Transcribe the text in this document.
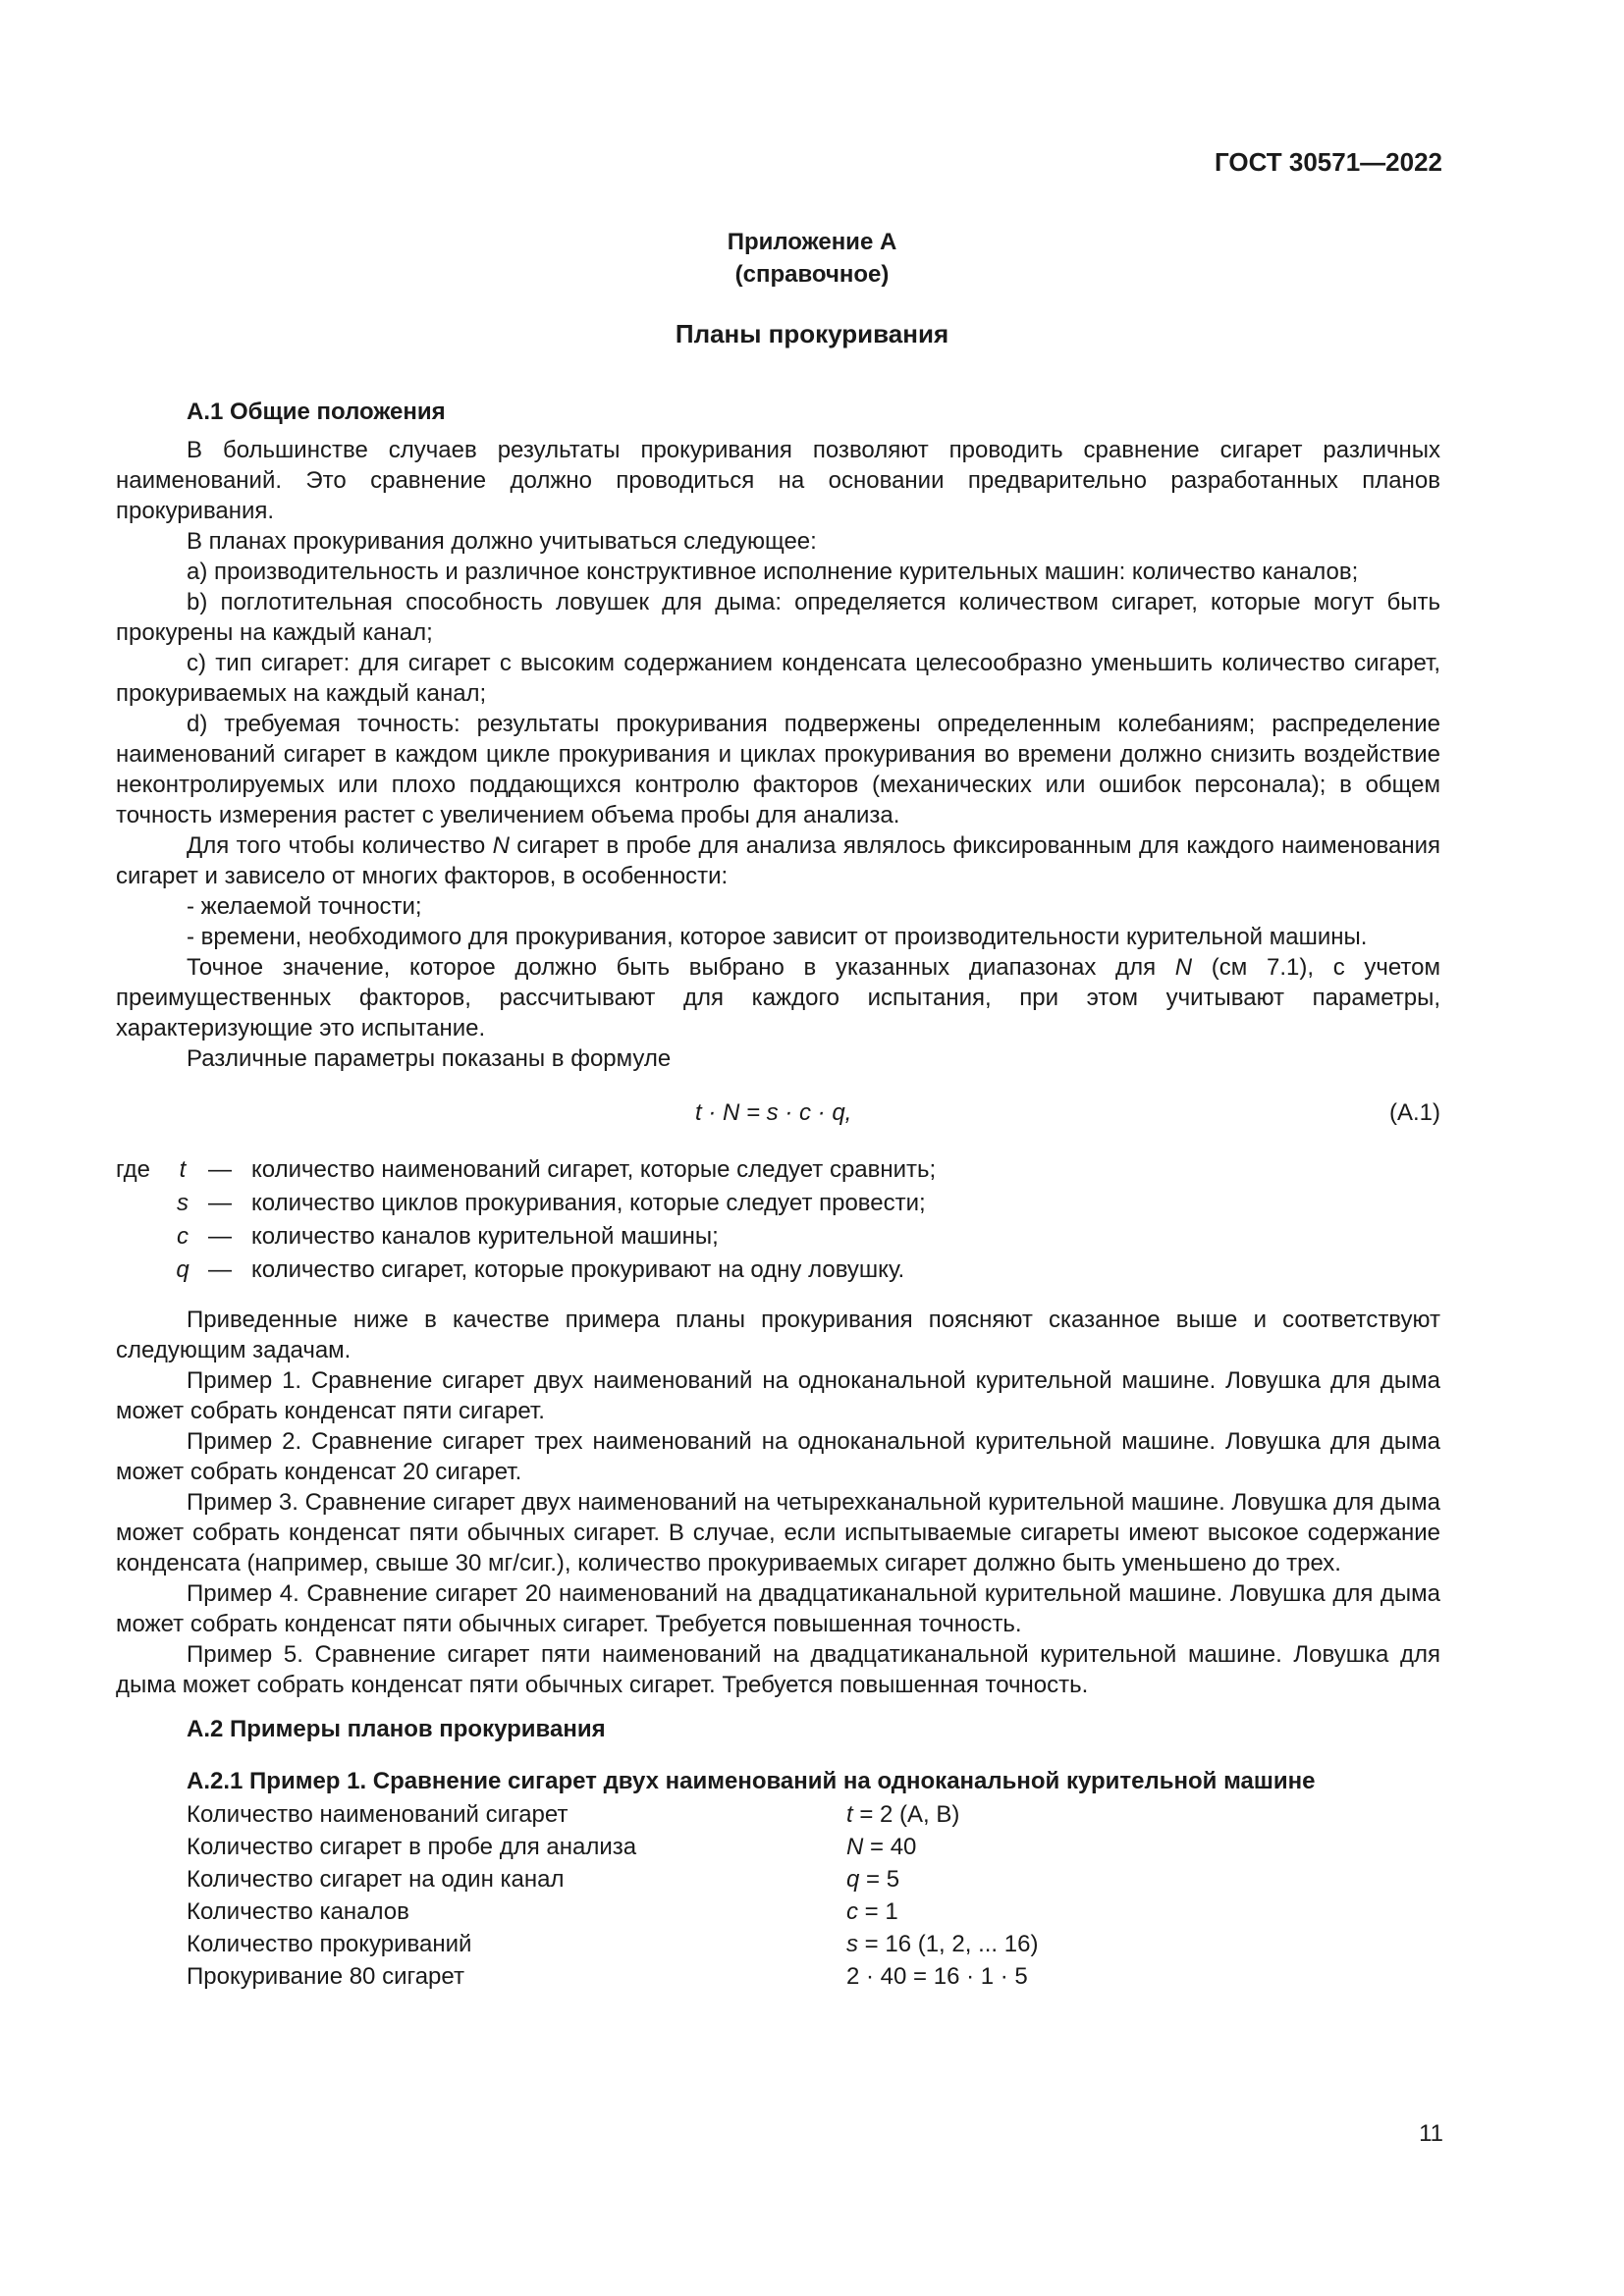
ГОСТ 30571—2022
Приложение А
(справочное)
Планы прокуривания
А.1 Общие положения

В большинстве случаев результаты прокуривания позволяют проводить сравнение сигарет различных наименований. Это сравнение должно проводиться на основании предварительно разработанных планов прокуривания.

В планах прокуривания должно учитываться следующее:

a) производительность и различное конструктивное исполнение курительных машин: количество каналов;

b) поглотительная способность ловушек для дыма: определяется количеством сигарет, которые могут быть прокурены на каждый канал;

c) тип сигарет: для сигарет с высоким содержанием конденсата целесообразно уменьшить количество сигарет, прокуриваемых на каждый канал;

d) требуемая точность: результаты прокуривания подвержены определенным колебаниям; распределение наименований сигарет в каждом цикле прокуривания и циклах прокуривания во времени должно снизить воздействие неконтролируемых или плохо поддающихся контролю факторов (механических или ошибок персонала); в общем точность измерения растет с увеличением объема пробы для анализа.

Для того чтобы количество N сигарет в пробе для анализа являлось фиксированным для каждого наименования сигарет и зависело от многих факторов, в особенности:

- желаемой точности;

- времени, необходимого для прокуривания, которое зависит от производительности курительной машины.

Точное значение, которое должно быть выбрано в указанных диапазонах для N (см 7.1), с учетом преимущественных факторов, рассчитывают для каждого испытания, при этом учитывают параметры, характеризующие это испытание.

Различные параметры показаны в формуле

t · N = s · c · q,	(A.1)
где	t — количество наименований сигарет, которые следует сравнить;
s — количество циклов прокуривания, которые следует провести;
c — количество каналов курительной машины;
q — количество сигарет, которые прокуривают на одну ловушку.

Приведенные ниже в качестве примера планы прокуривания поясняют сказанное выше и соответствуют следующим задачам.

Пример 1. Сравнение сигарет двух наименований на одноканальной курительной машине. Ловушка для дыма может собрать конденсат пяти сигарет.

Пример 2. Сравнение сигарет трех наименований на одноканальной курительной машине. Ловушка для дыма может собрать конденсат 20 сигарет.

Пример 3. Сравнение сигарет двух наименований на четырехканальной курительной машине. Ловушка для дыма может собрать конденсат пяти обычных сигарет. В случае, если испытываемые сигареты имеют высокое содержание конденсата (например, свыше 30 мг/сиг.), количество прокуриваемых сигарет должно быть уменьшено до трех.

Пример 4. Сравнение сигарет 20 наименований на двадцатиканальной курительной машине. Ловушка для дыма может собрать конденсат пяти обычных сигарет. Требуется повышенная точность.

Пример 5. Сравнение сигарет пяти наименований на двадцатиканальной курительной машине. Ловушка для дыма может собрать конденсат пяти обычных сигарет. Требуется повышенная точность.

А.2 Примеры планов прокуривания
А.2.1 Пример 1. Сравнение сигарет двух наименований на одноканальной курительной машине
Количество наименований сигарет	t = 2 (A, B)
Количество сигарет в пробе для анализа	N = 40
Количество сигарет на один канал	q = 5
Количество каналов	c = 1
Количество прокуриваний	s = 16 (1, 2, ... 16)
Прокуривание 80 сигарет	2 · 40 = 16 · 1 · 5
11
